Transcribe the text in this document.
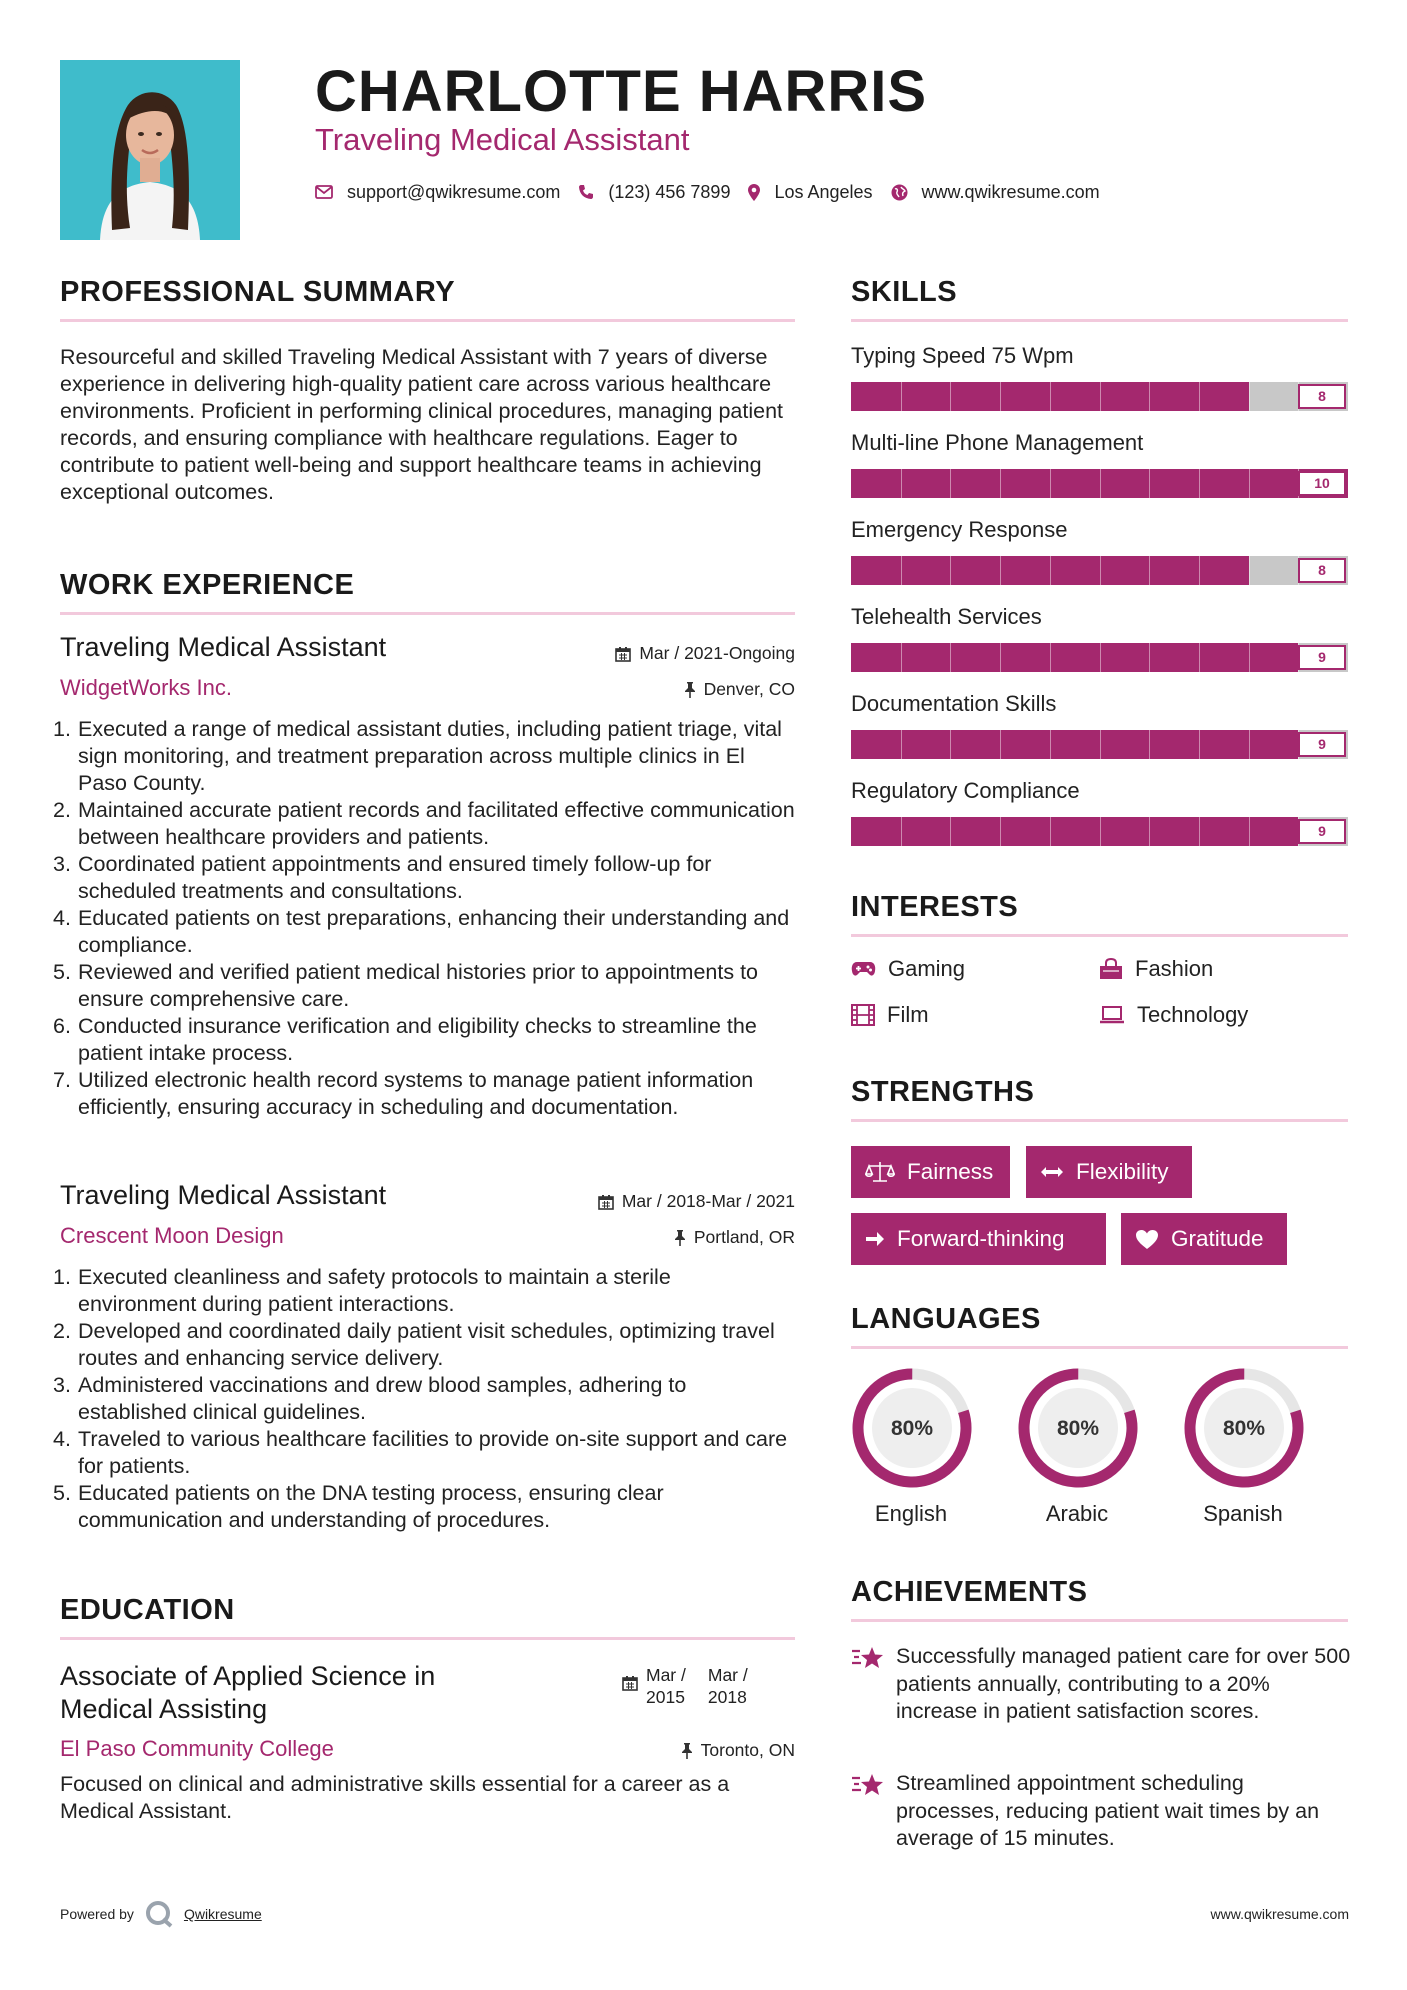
CHARLOTTE HARRIS
Traveling Medical Assistant
support@qwikresume.com	(123) 456 7899 Los Angeles	www.qwikresume.com
PROFESSIONAL SUMMARY
Resourceful and skilled Traveling Medical Assistant with 7 years of diverse experience in delivering high-quality patient care across various healthcare environments. Proficient in performing clinical procedures, managing patient records, and ensuring compliance with healthcare regulations. Eager to contribute to patient well-being and support healthcare teams in achieving exceptional outcomes.
WORK EXPERIENCE
Traveling Medical Assistant	Mar / 2021-Ongoing
WidgetWorks Inc.	Denver, CO
Executed a range of medical assistant duties, including patient triage, vital sign monitoring, and treatment preparation across multiple clinics in El Paso County.
Maintained accurate patient records and facilitated effective communication between healthcare providers and patients.
Coordinated patient appointments and ensured timely follow-up for scheduled treatments and consultations.
Educated patients on test preparations, enhancing their understanding and compliance.
Reviewed and verified patient medical histories prior to appointments to ensure comprehensive care.
Conducted insurance verification and eligibility checks to streamline the patient intake process.
Utilized electronic health record systems to manage patient information efficiently, ensuring accuracy in scheduling and documentation.
Traveling Medical Assistant	Mar / 2018-Mar / 2021
Crescent Moon Design	Portland, OR
Executed cleanliness and safety protocols to maintain a sterile environment during patient interactions.
Developed and coordinated daily patient visit schedules, optimizing travel routes and enhancing service delivery.
Administered vaccinations and drew blood samples, adhering to established clinical guidelines.
Traveled to various healthcare facilities to provide on-site support and care for patients.
Educated patients on the DNA testing process, ensuring clear communication and understanding of procedures.
EDUCATION
Associate of Applied Science in
Medical Assisting
Mar /
2015
Mar /
2018
El Paso Community College	Toronto, ON
Focused on clinical and administrative skills essential for a career as a Medical Assistant.
SKILLS
Typing Speed 75 Wpm
8
Multi-line Phone Management
10
Emergency Response
8
Telehealth Services
9
Documentation Skills
9
Regulatory Compliance
9
INTERESTS
Gaming	Fashion
Film	Technology
STRENGTHS
Fairness	Flexibility
Forward-thinking	Gratitude
LANGUAGES
80%
English
80%
Arabic
80%
Spanish
ACHIEVEMENTS
Successfully managed patient care for over 500 patients annually, contributing to a 20% increase in patient satisfaction scores.
Streamlined appointment scheduling processes, reducing patient wait times by an average of 15 minutes.
Powered by	Qwikresume	www.qwikresume.com
